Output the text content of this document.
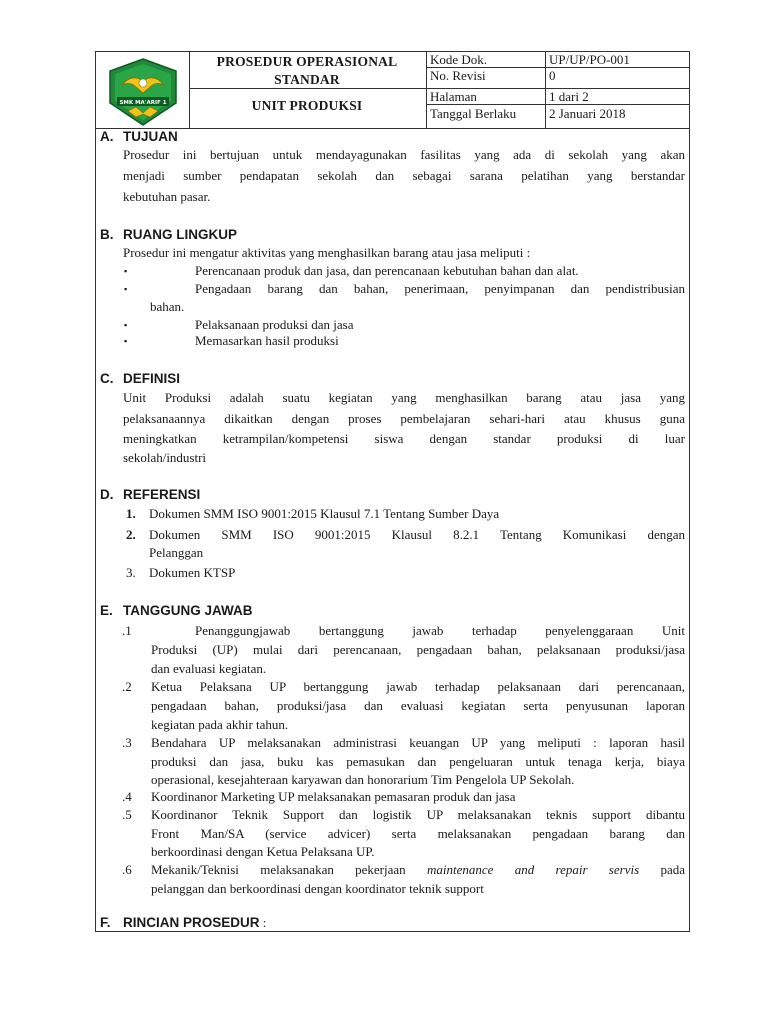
PROSEDUR OPERASIONAL
STANDAR
UNIT PRODUKSI
Kode Dok.	UP/UP/PO-001
No. Revisi	0
Halaman	1 dari 2
Tanggal Berlaku	2 Januari 2018
SMK MA'ARIF 1
A. TUJUAN
Prosedur ini bertujuan untuk mendayagunakan fasilitas yang ada di sekolah yang akan
menjadi sumber pendapatan sekolah dan sebagai sarana pelatihan yang berstandar
kebutuhan pasar.
B. RUANG LINGKUP
Prosedur ini mengatur aktivitas yang menghasilkan barang atau jasa meliputi :
▪	Perencanaan produk dan jasa, dan perencanaan kebutuhan bahan dan alat.
▪	Pengadaan barang dan bahan, penerimaan, penyimpanan dan pendistribusian
bahan.
▪	Pelaksanaan produksi dan jasa
▪	Memasarkan hasil produksi
C. DEFINISI
Unit Produksi adalah suatu kegiatan yang menghasilkan barang atau jasa yang
pelaksanaannya dikaitkan dengan proses pembelajaran sehari-hari atau khusus guna
meningkatkan ketrampilan/kompetensi siswa dengan standar produksi di luar
sekolah/industri
D. REFERENSI
1. Dokumen SMM ISO 9001:2015 Klausul 7.1 Tentang Sumber Daya
2. Dokumen SMM ISO 9001:2015 Klausul 8.2.1 Tentang Komunikasi dengan
Pelanggan
3. Dokumen KTSP
E. TANGGUNG JAWAB
.1	Penanggungjawab bertanggung jawab terhadap penyelenggaraan Unit
Produksi (UP) mulai dari perencanaan, pengadaan bahan, pelaksanaan produksi/jasa
dan evaluasi kegiatan.
.2 Ketua Pelaksana UP bertanggung jawab terhadap pelaksanaan dari perencanaan,
pengadaan bahan, produksi/jasa dan evaluasi kegiatan serta penyusunan laporan
kegiatan pada akhir tahun.
.3 Bendahara UP melaksanakan administrasi keuangan UP yang meliputi : laporan hasil
produksi dan jasa, buku kas pemasukan dan pengeluaran untuk tenaga kerja, biaya
operasional, kesejahteraan karyawan dan honorarium Tim Pengelola UP Sekolah.
.4 Koordinanor Marketing UP melaksanakan pemasaran produk dan jasa
.5 Koordinanor Teknik Support dan logistik UP melaksanakan teknis support dibantu
Front Man/SA (service advicer) serta melaksanakan pengadaan barang dan
berkoordinasi dengan Ketua Pelaksana UP.
.6 Mekanik/Teknisi melaksanakan pekerjaan maintenance and repair servis pada
pelanggan dan berkoordinasi dengan koordinator teknik support
F. RINCIAN PROSEDUR :
